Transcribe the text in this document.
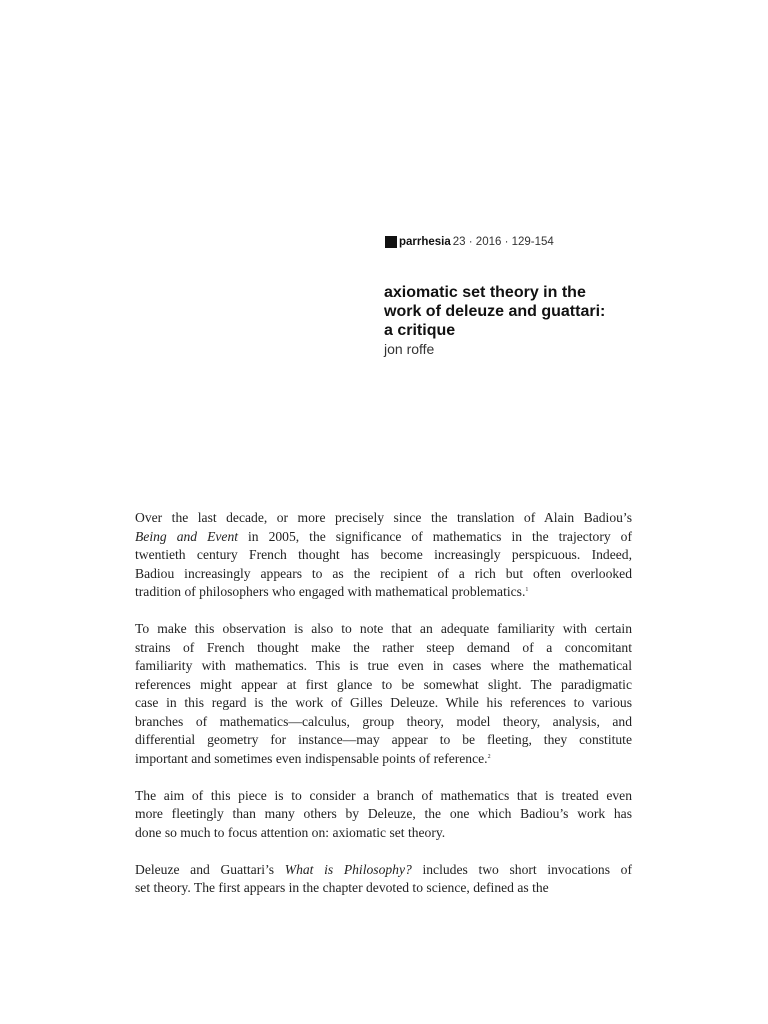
parrhesia 23 · 2016 · 129-154
axiomatic set theory in the
work of deleuze and guattari:
a critique

jon roffe

Over the last decade, or more precisely since the translation of Alain Badiou’s
Being and Event in 2005, the significance of mathematics in the trajectory of
twentieth century French thought has become increasingly perspicuous. Indeed,
Badiou increasingly appears to as the recipient of a rich but often overlooked
tradition of philosophers who engaged with mathematical problematics.$^1$

To make this observation is also to note that an adequate familiarity with certain
strains of French thought make the rather steep demand of a concomitant
familiarity with mathematics. This is true even in cases where the mathematical
references might appear at first glance to be somewhat slight. The paradigmatic
case in this regard is the work of Gilles Deleuze. While his references to various
branches of mathematics—calculus, group theory, model theory, analysis, and
differential geometry for instance—may appear to be fleeting, they constitute
important and sometimes even indispensable points of reference.$^2$

The aim of this piece is to consider a branch of mathematics that is treated even
more fleetingly than many others by Deleuze, the one which Badiou’s work has
done so much to focus attention on: axiomatic set theory.

Deleuze and Guattari’s What is Philosophy? includes two short invocations of
set theory. The first appears in the chapter devoted to science, defined as the
